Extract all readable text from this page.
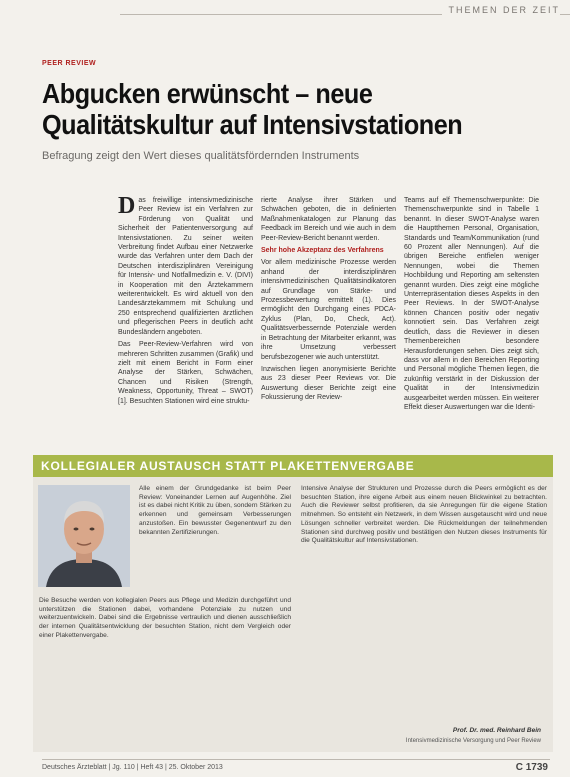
THEMEN DER ZEIT
PEER REVIEW
Abgucken erwünscht – neue Qualitätskultur auf Intensivstationen
Befragung zeigt den Wert dieses qualitätsfördernden Instruments

Das freiwillige intensivmedizinische Peer Review ist ein Verfahren zur Förderung von Qualität und Sicherheit der Patientenversorgung auf Intensivstationen. Zu seiner weiten Verbreitung findet Aufbau einer Netzwerke wurde das Verfahren unter dem Dach der Deutschen interdisziplinären Vereinigung für Intensiv- und Notfallmedizin e. V. (DIVI) in Kooperation mit den Ärztekammern weiterentwickelt. Es wird aktuell von den Landesärztekammern mit Schulung und 250 entsprechend qualifizierten ärztlichen und pflegerischen Peers in deutlich acht Bundesländern angeboten.

Das Peer-Review-Verfahren wird von mehreren Schritten zusammen (Grafik) und zielt mit einem Bericht in Form einer Analyse der Stärken, Schwächen, Chancen und Risiken (Strength, Weakness, Opportunity, Threat – SWOT) [1]. Besuchten Stationen wird eine struktu-

rierte Analyse ihrer Stärken und Schwächen geboten, die in definierten Maßnahmenkatalogen zur Planung das Feedback im Bereich und wie auch in dem Peer-Review-Bericht benannt werden.

Sehr hohe Akzeptanz des Verfahrens

Vor allem medizinische Prozesse werden anhand der interdisziplinären intensivmedizinischen Qualitätsindikatoren auf Grundlage von Stärke- und Prozessbewertung ermittelt (1). Dies ermöglicht den Durchgang eines PDCA-Zyklus (Plan, Do, Check, Act). Qualitätsverbessernde Potenziale werden in Betrachtung der Mitarbeiter erkannt, was ihre Umsetzung verbessert berufsbezogener wie auch unterstützt.

Inzwischen liegen anonymisierte Berichte aus 23 dieser Peer Reviews vor. Die Auswertung dieser Berichte zeigt eine Fokussierung der Review-

Teams auf elf Themenschwerpunkte: Die Themenschwerpunkte sind in Tabelle 1 benannt. In dieser SWOT-Analyse waren die Hauptthemen Personal, Organisation, Standards und Team/Kommunikation (rund 60 Prozent aller Nennungen). Auf die übrigen Bereiche entfielen weniger Nennungen, wobei die Themen Hochbildung und Reporting am seltensten genannt wurden. Dies zeigt eine mögliche Unterrepräsentation dieses Aspekts in den Peer Reviews. In der SWOT-Analyse können Chancen positiv oder negativ konnotiert sein. Das Verfahren zeigt deutlich, dass die Reviewer in diesen Themenbereichen besondere Herausforderungen sehen. Dies zeigt sich, dass vor allem in den Bereichen Reporting und Personal mögliche Themen liegen, die zukünftig verstärkt in der Diskussion der Qualität in der Intensivmedizin ausgearbeitet werden müssen. Ein weiterer Effekt dieser Auswertungen war die Identi-

KOLLEGIALER AUSTAUSCH STATT PLAKETTENVERGABE

Alle einem der Grundgedanke ist beim Peer Review: Voneinander Lernen auf Augenhöhe. Ziel ist es dabei nicht Kritik zu üben, sondern Stärken zu erkennen und gemeinsam Verbesserungen anzustoßen. Ein bewusster Gegenentwurf zu den bekannten Zertifizierungen.

Die Besuche werden von kollegialen Peers aus Pflege und Medizin durchgeführt und unterstützen die Stationen dabei, vorhandene Potenziale zu nutzen und weiterzuentwickeln. Dabei sind die Ergebnisse vertraulich und dienen ausschließlich der internen Qualitätsentwicklung der besuchten Station, nicht dem Vergleich oder einer Plakettenvergabe.

Intensive Analyse der Strukturen und Prozesse durch die Peers ermöglicht es der besuchten Station, ihre eigene Arbeit aus einem neuen Blickwinkel zu betrachten. Auch die Reviewer selbst profitieren, da sie Anregungen für die eigene Station mitnehmen. So entsteht ein Netzwerk, in dem Wissen ausgetauscht wird und neue Lösungen schneller verbreitet werden. Die Rückmeldungen der teilnehmenden Stationen sind durchweg positiv und bestätigen den Nutzen dieses Instruments für die Qualitätskultur auf Intensivstationen.

Prof. Dr. med. Reinhard Bein
Intensivmedizinische Versorgung und Peer Review
Deutsches Ärzteblatt | Jg. 110 | Heft 43 | 25. Oktober 2013	C 1739
